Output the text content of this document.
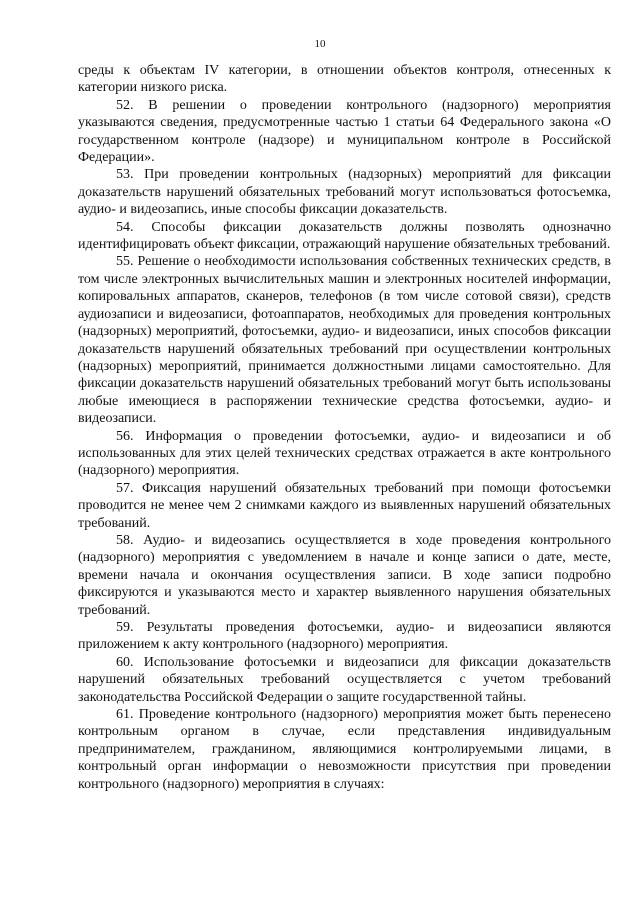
10

среды к объектам IV категории, в отношении объектов контроля, отнесенных к категории низкого риска.

52. В решении о проведении контрольного (надзорного) мероприятия указываются сведения, предусмотренные частью 1 статьи 64 Федерального закона «О государственном контроле (надзоре) и муниципальном контроле в Российской Федерации».

53. При проведении контрольных (надзорных) мероприятий для фиксации доказательств нарушений обязательных требований могут использоваться фотосъемка, аудио- и видеозапись, иные способы фиксации доказательств.

54. Способы фиксации доказательств должны позволять однозначно идентифицировать объект фиксации, отражающий нарушение обязательных требований.

55. Решение о необходимости использования собственных технических средств, в том числе электронных вычислительных машин и электронных носителей информации, копировальных аппаратов, сканеров, телефонов (в том числе сотовой связи), средств аудиозаписи и видеозаписи, фотоаппаратов, необходимых для проведения контрольных (надзорных) мероприятий, фотосъемки, аудио- и видеозаписи, иных способов фиксации доказательств нарушений обязательных требований при осуществлении контрольных (надзорных) мероприятий, принимается должностными лицами самостоятельно. Для фиксации доказательств нарушений обязательных требований могут быть использованы любые имеющиеся в распоряжении технические средства фотосъемки, аудио- и видеозаписи.

56. Информация о проведении фотосъемки, аудио- и видеозаписи и об использованных для этих целей технических средствах отражается в акте контрольного (надзорного) мероприятия.

57. Фиксация нарушений обязательных требований при помощи фотосъемки проводится не менее чем 2 снимками каждого из выявленных нарушений обязательных требований.

58. Аудио- и видеозапись осуществляется в ходе проведения контрольного (надзорного) мероприятия с уведомлением в начале и конце записи о дате, месте, времени начала и окончания осуществления записи. В ходе записи подробно фиксируются и указываются место и характер выявленного нарушения обязательных требований.

59. Результаты проведения фотосъемки, аудио- и видеозаписи являются приложением к акту контрольного (надзорного) мероприятия.

60. Использование фотосъемки и видеозаписи для фиксации доказательств нарушений обязательных требований осуществляется с учетом требований законодательства Российской Федерации о защите государственной тайны.

61. Проведение контрольного (надзорного) мероприятия может быть перенесено контрольным органом в случае, если представления индивидуальным предпринимателем, гражданином, являющимися контролируемыми лицами, в контрольный орган информации о невозможности присутствия при проведении контрольного (надзорного) мероприятия в случаях:
